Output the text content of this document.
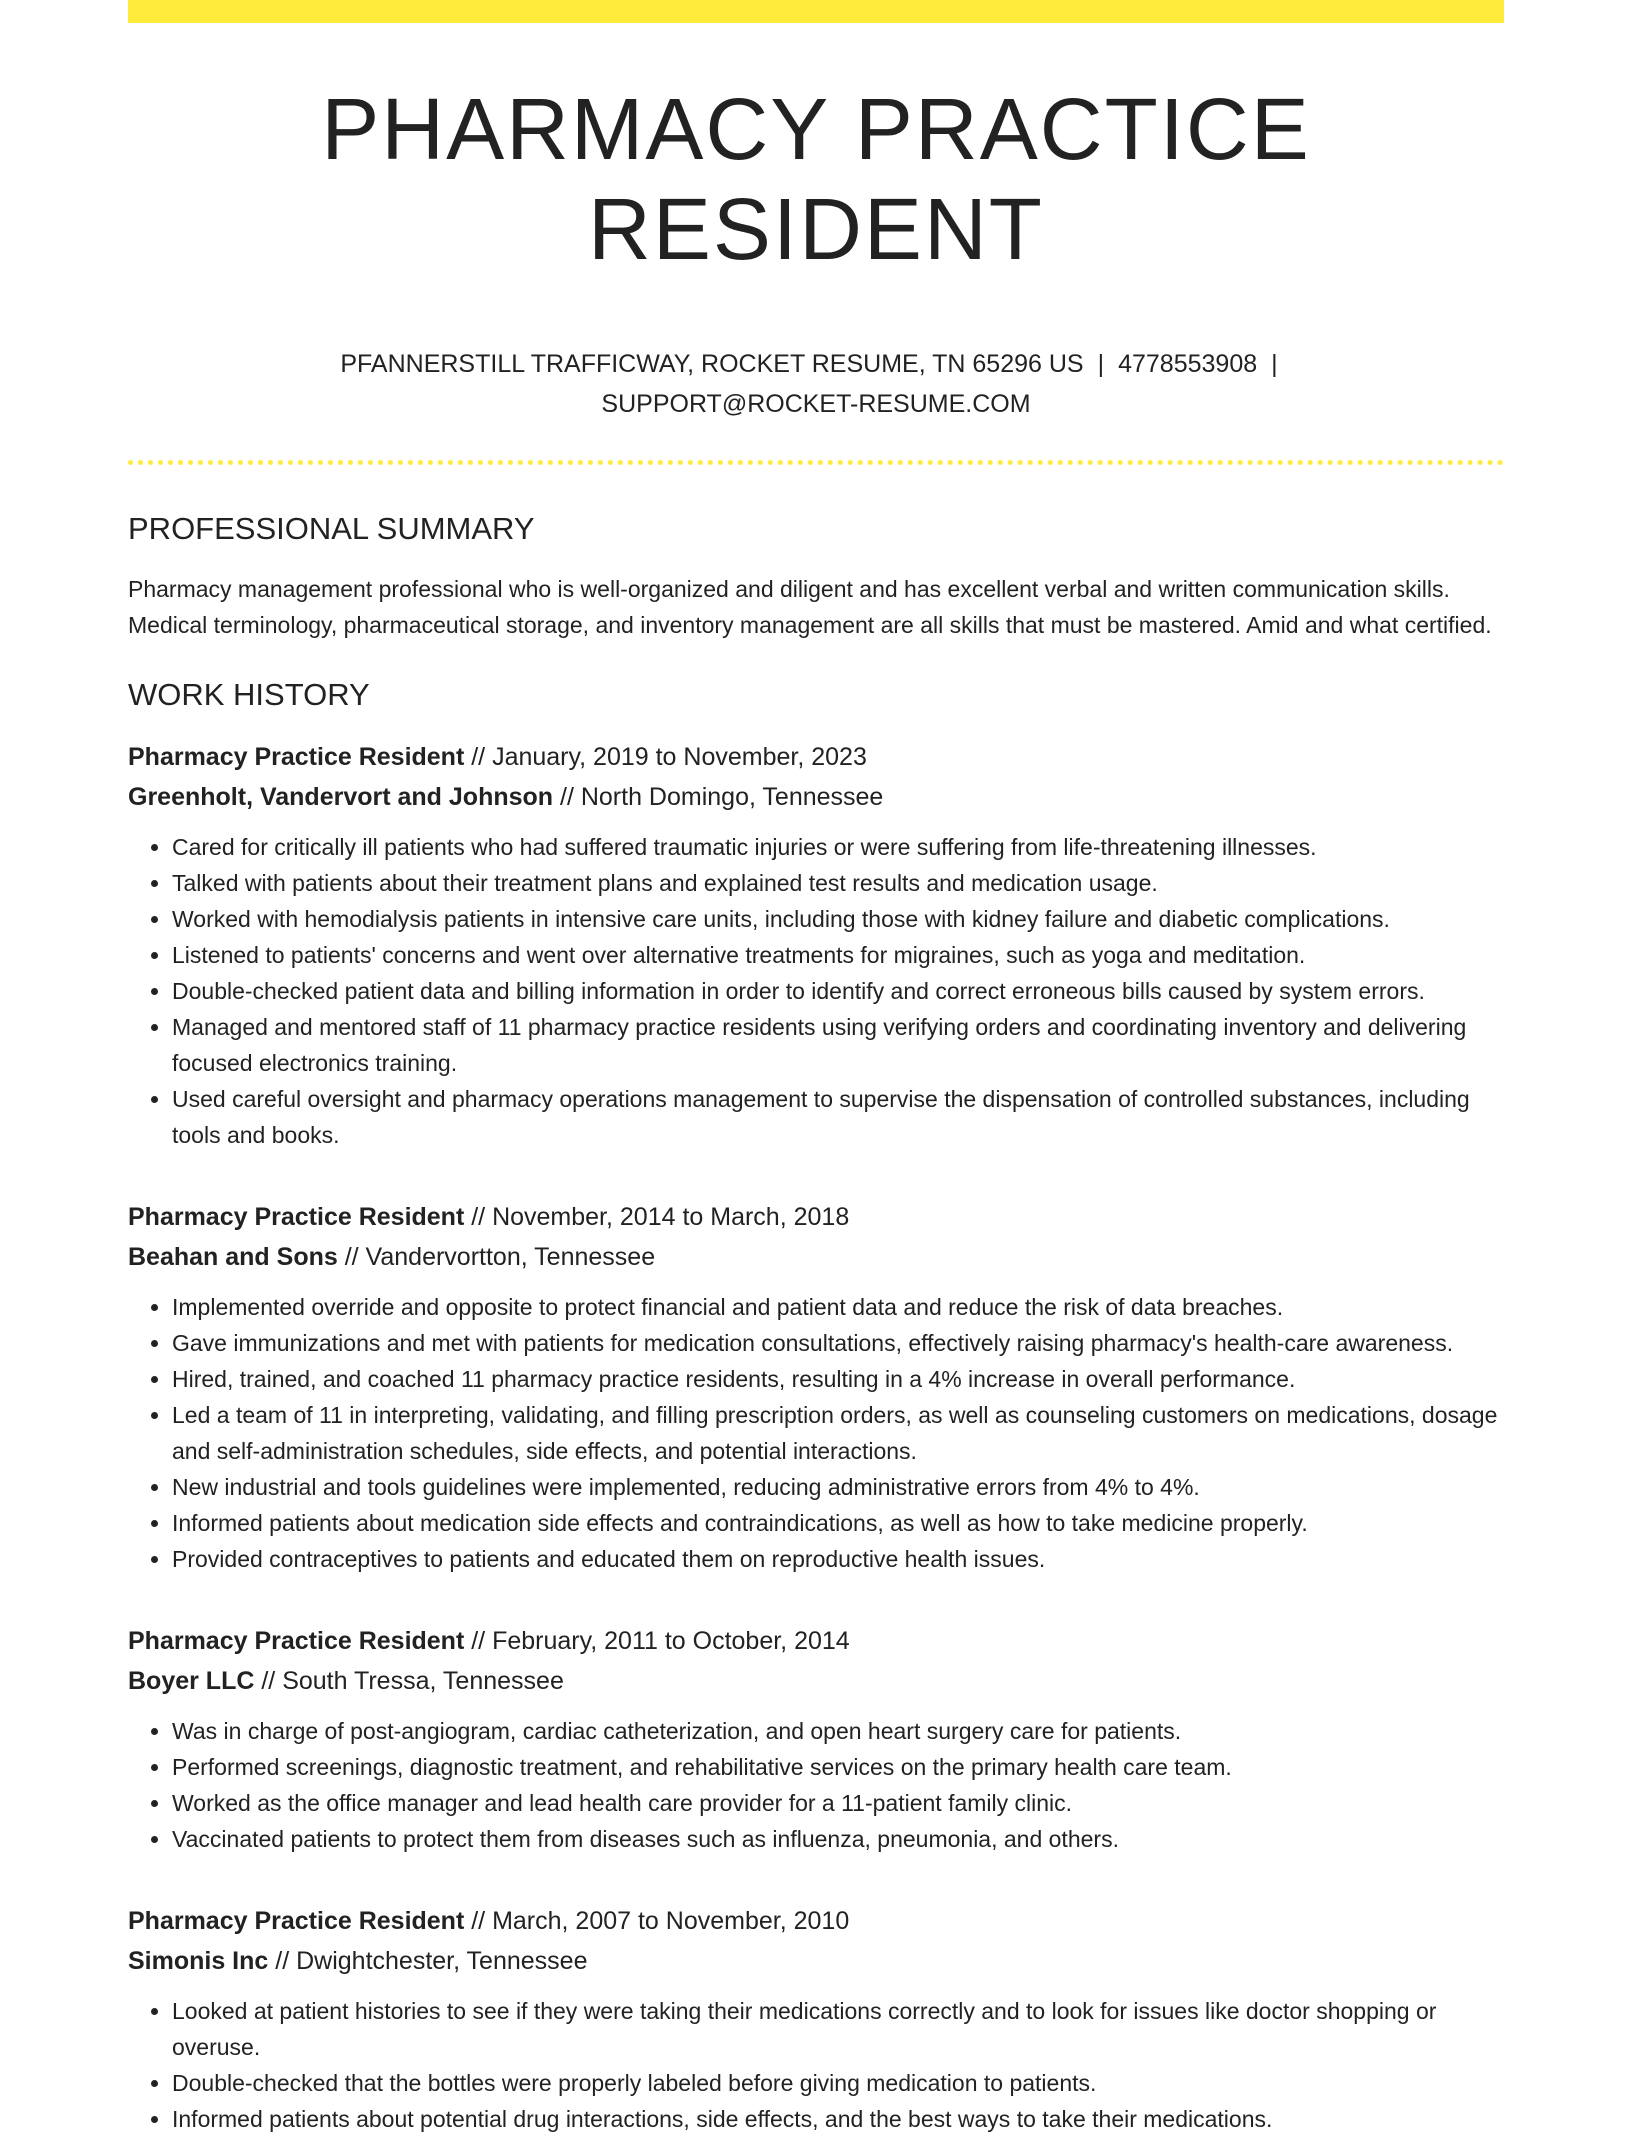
PHARMACY PRACTICE RESIDENT
PFANNERSTILL TRAFFICWAY, ROCKET RESUME, TN 65296 US | 4778553908 |
SUPPORT@ROCKET-RESUME.COM
PROFESSIONAL SUMMARY

Pharmacy management professional who is well-organized and diligent and has excellent verbal and written communication skills. Medical terminology, pharmaceutical storage, and inventory management are all skills that must be mastered. Amid and what certified.

WORK HISTORY
Pharmacy Practice Resident // January, 2019 to November, 2023
Greenholt, Vandervort and Johnson // North Domingo, Tennessee
• Cared for critically ill patients who had suffered traumatic injuries or were suffering from life-threatening illnesses.
• Talked with patients about their treatment plans and explained test results and medication usage.
• Worked with hemodialysis patients in intensive care units, including those with kidney failure and diabetic complications.
• Listened to patients' concerns and went over alternative treatments for migraines, such as yoga and meditation.
• Double-checked patient data and billing information in order to identify and correct erroneous bills caused by system errors.
• Managed and mentored staff of 11 pharmacy practice residents using verifying orders and coordinating inventory and delivering focused electronics training.
• Used careful oversight and pharmacy operations management to supervise the dispensation of controlled substances, including tools and books.
Pharmacy Practice Resident // November, 2014 to March, 2018
Beahan and Sons // Vandervortton, Tennessee
• Implemented override and opposite to protect financial and patient data and reduce the risk of data breaches.
• Gave immunizations and met with patients for medication consultations, effectively raising pharmacy's health-care awareness.
• Hired, trained, and coached 11 pharmacy practice residents, resulting in a 4% increase in overall performance.
• Led a team of 11 in interpreting, validating, and filling prescription orders, as well as counseling customers on medications, dosage and self-administration schedules, side effects, and potential interactions.
• New industrial and tools guidelines were implemented, reducing administrative errors from 4% to 4%.
• Informed patients about medication side effects and contraindications, as well as how to take medicine properly.
• Provided contraceptives to patients and educated them on reproductive health issues.
Pharmacy Practice Resident // February, 2011 to October, 2014
Boyer LLC // South Tressa, Tennessee
• Was in charge of post-angiogram, cardiac catheterization, and open heart surgery care for patients.
• Performed screenings, diagnostic treatment, and rehabilitative services on the primary health care team.
• Worked as the office manager and lead health care provider for a 11-patient family clinic.
• Vaccinated patients to protect them from diseases such as influenza, pneumonia, and others.
Pharmacy Practice Resident // March, 2007 to November, 2010
Simonis Inc // Dwightchester, Tennessee
• Looked at patient histories to see if they were taking their medications correctly and to look for issues like doctor shopping or overuse.
• Double-checked that the bottles were properly labeled before giving medication to patients.
• Informed patients about potential drug interactions, side effects, and the best ways to take their medications.
